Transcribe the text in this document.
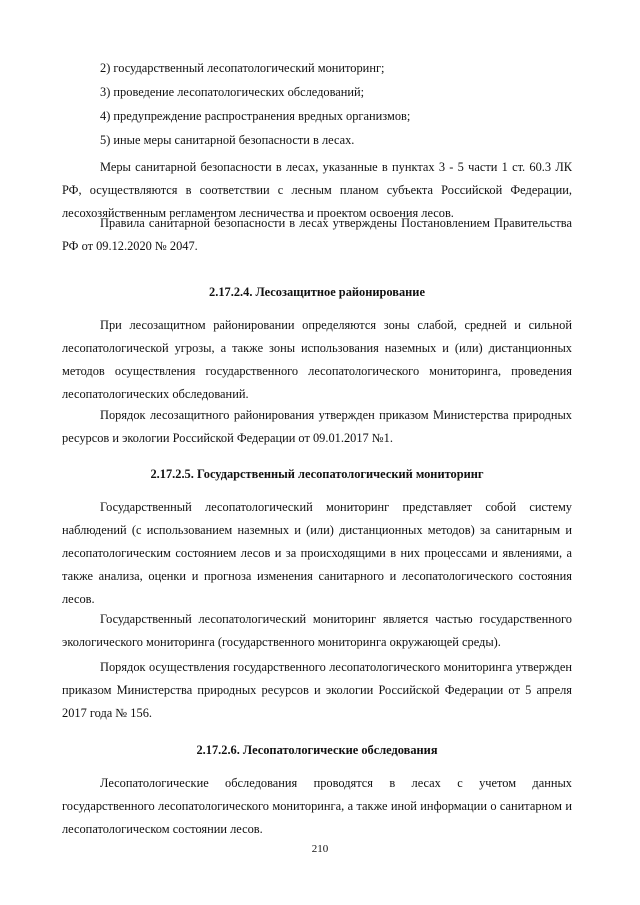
2) государственный лесопатологический мониторинг;
3) проведение лесопатологических обследований;
4) предупреждение распространения вредных организмов;
5) иные меры санитарной безопасности в лесах.

Меры санитарной безопасности в лесах, указанные в пунктах 3 - 5 части 1 ст. 60.3 ЛК РФ, осуществляются в соответствии с лесным планом субъекта Российской Федерации, лесохозяйственным регламентом лесничества и проектом освоения лесов.

Правила санитарной безопасности в лесах утверждены Постановлением Правительства РФ от 09.12.2020 № 2047.

2.17.2.4. Лесозащитное районирование

При лесозащитном районировании определяются зоны слабой, средней и сильной лесопатологической угрозы, а также зоны использования наземных и (или) дистанционных методов осуществления государственного лесопатологического мониторинга, проведения лесопатологических обследований.

Порядок лесозащитного районирования утвержден приказом Министерства природных ресурсов и экологии Российской Федерации от 09.01.2017 №1.

2.17.2.5. Государственный лесопатологический мониторинг

Государственный лесопатологический мониторинг представляет собой систему наблюдений (с использованием наземных и (или) дистанционных методов) за санитарным и лесопатологическим состоянием лесов и за происходящими в них процессами и явлениями, а также анализа, оценки и прогноза изменения санитарного и лесопатологического состояния лесов.

Государственный лесопатологический мониторинг является частью государственного экологического мониторинга (государственного мониторинга окружающей среды).

Порядок осуществления государственного лесопатологического мониторинга утвержден приказом Министерства природных ресурсов и экологии Российской Федерации от 5 апреля 2017 года № 156.

2.17.2.6. Лесопатологические обследования

Лесопатологические обследования проводятся в лесах с учетом данных государственного лесопатологического мониторинга, а также иной информации о санитарном и лесопатологическом состоянии лесов.

210
